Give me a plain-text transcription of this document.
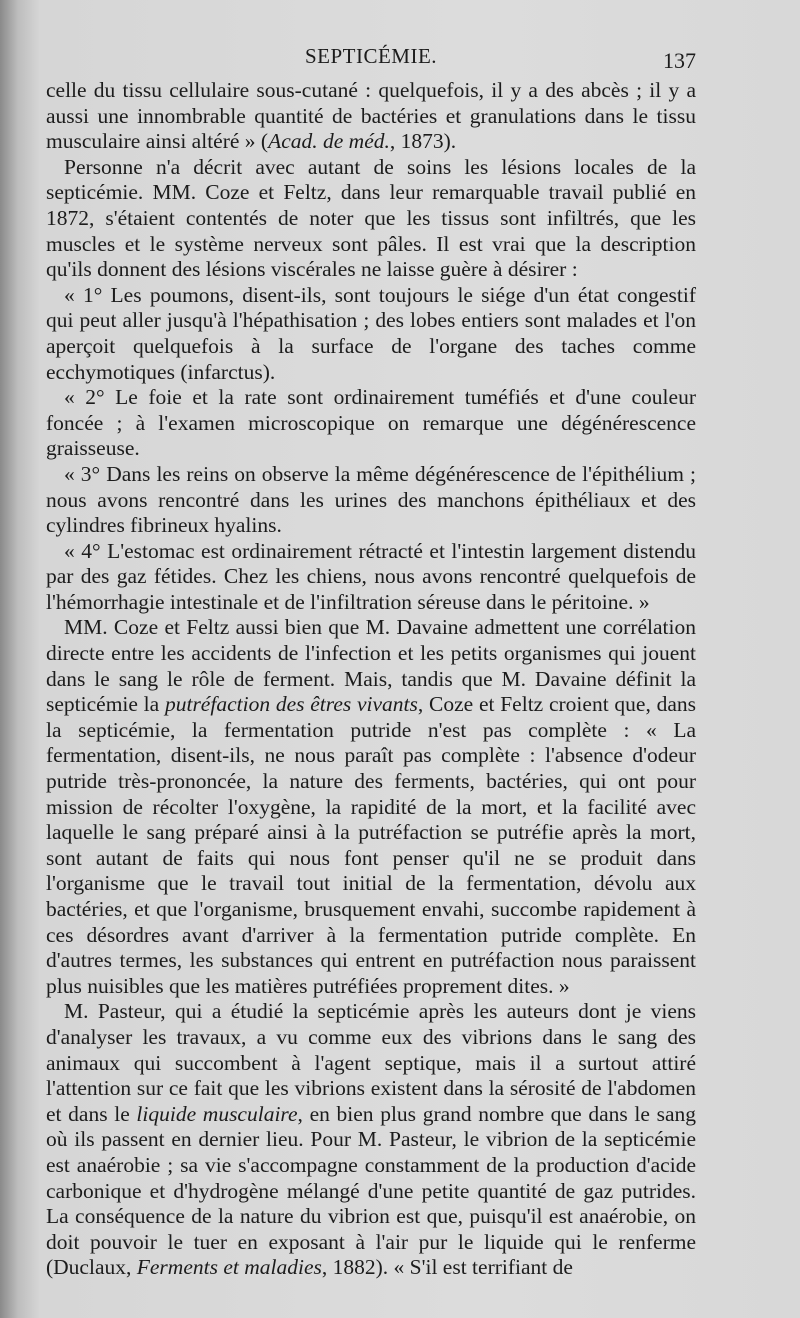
SEPTICÉMIE.	137

celle du tissu cellulaire sous-cutané : quelquefois, il y a des abcès ; il y a aussi une innombrable quantité de bactéries et granulations dans le tissu musculaire ainsi altéré » (Acad. de méd., 1873).

Personne n'a décrit avec autant de soins les lésions locales de la septicémie. MM. Coze et Feltz, dans leur remarquable travail publié en 1872, s'étaient contentés de noter que les tissus sont infiltrés, que les muscles et le système nerveux sont pâles. Il est vrai que la description qu'ils donnent des lésions viscérales ne laisse guère à désirer :

« 1° Les poumons, disent-ils, sont toujours le siége d'un état congestif qui peut aller jusqu'à l'hépathisation ; des lobes entiers sont malades et l'on aperçoit quelquefois à la surface de l'organe des taches comme ecchymotiques (infarctus).

« 2° Le foie et la rate sont ordinairement tuméfiés et d'une couleur foncée ; à l'examen microscopique on remarque une dégénérescence graisseuse.

« 3° Dans les reins on observe la même dégénérescence de l'épithélium ; nous avons rencontré dans les urines des manchons épithéliaux et des cylindres fibrineux hyalins.

« 4° L'estomac est ordinairement rétracté et l'intestin largement distendu par des gaz fétides. Chez les chiens, nous avons rencontré quelquefois de l'hémorrhagie intestinale et de l'infiltration séreuse dans le péritoine. »

MM. Coze et Feltz aussi bien que M. Davaine admettent une corrélation directe entre les accidents de l'infection et les petits organismes qui jouent dans le sang le rôle de ferment. Mais, tandis que M. Davaine définit la septicémie la putréfaction des êtres vivants, Coze et Feltz croient que, dans la septicémie, la fermentation putride n'est pas complète : « La fermentation, disent-ils, ne nous paraît pas complète : l'absence d'odeur putride très-prononcée, la nature des ferments, bactéries, qui ont pour mission de récolter l'oxygène, la rapidité de la mort, et la facilité avec laquelle le sang préparé ainsi à la putréfaction se putréfie après la mort, sont autant de faits qui nous font penser qu'il ne se produit dans l'organisme que le travail tout initial de la fermentation, dévolu aux bactéries, et que l'organisme, brusquement envahi, succombe rapidement à ces désordres avant d'arriver à la fermentation putride complète. En d'autres termes, les substances qui entrent en putréfaction nous paraissent plus nuisibles que les matières putréfiées proprement dites. »

M. Pasteur, qui a étudié la septicémie après les auteurs dont je viens d'analyser les travaux, a vu comme eux des vibrions dans le sang des animaux qui succombent à l'agent septique, mais il a surtout attiré l'attention sur ce fait que les vibrions existent dans la sérosité de l'abdomen et dans le liquide musculaire, en bien plus grand nombre que dans le sang où ils passent en dernier lieu. Pour M. Pasteur, le vibrion de la septicémie est anaérobie ; sa vie s'accompagne constamment de la production d'acide carbonique et d'hydrogène mélangé d'une petite quantité de gaz putrides. La conséquence de la nature du vibrion est que, puisqu'il est anaérobie, on doit pouvoir le tuer en exposant à l'air pur le liquide qui le renferme (Duclaux, Ferments et maladies, 1882). « S'il est terrifiant de
